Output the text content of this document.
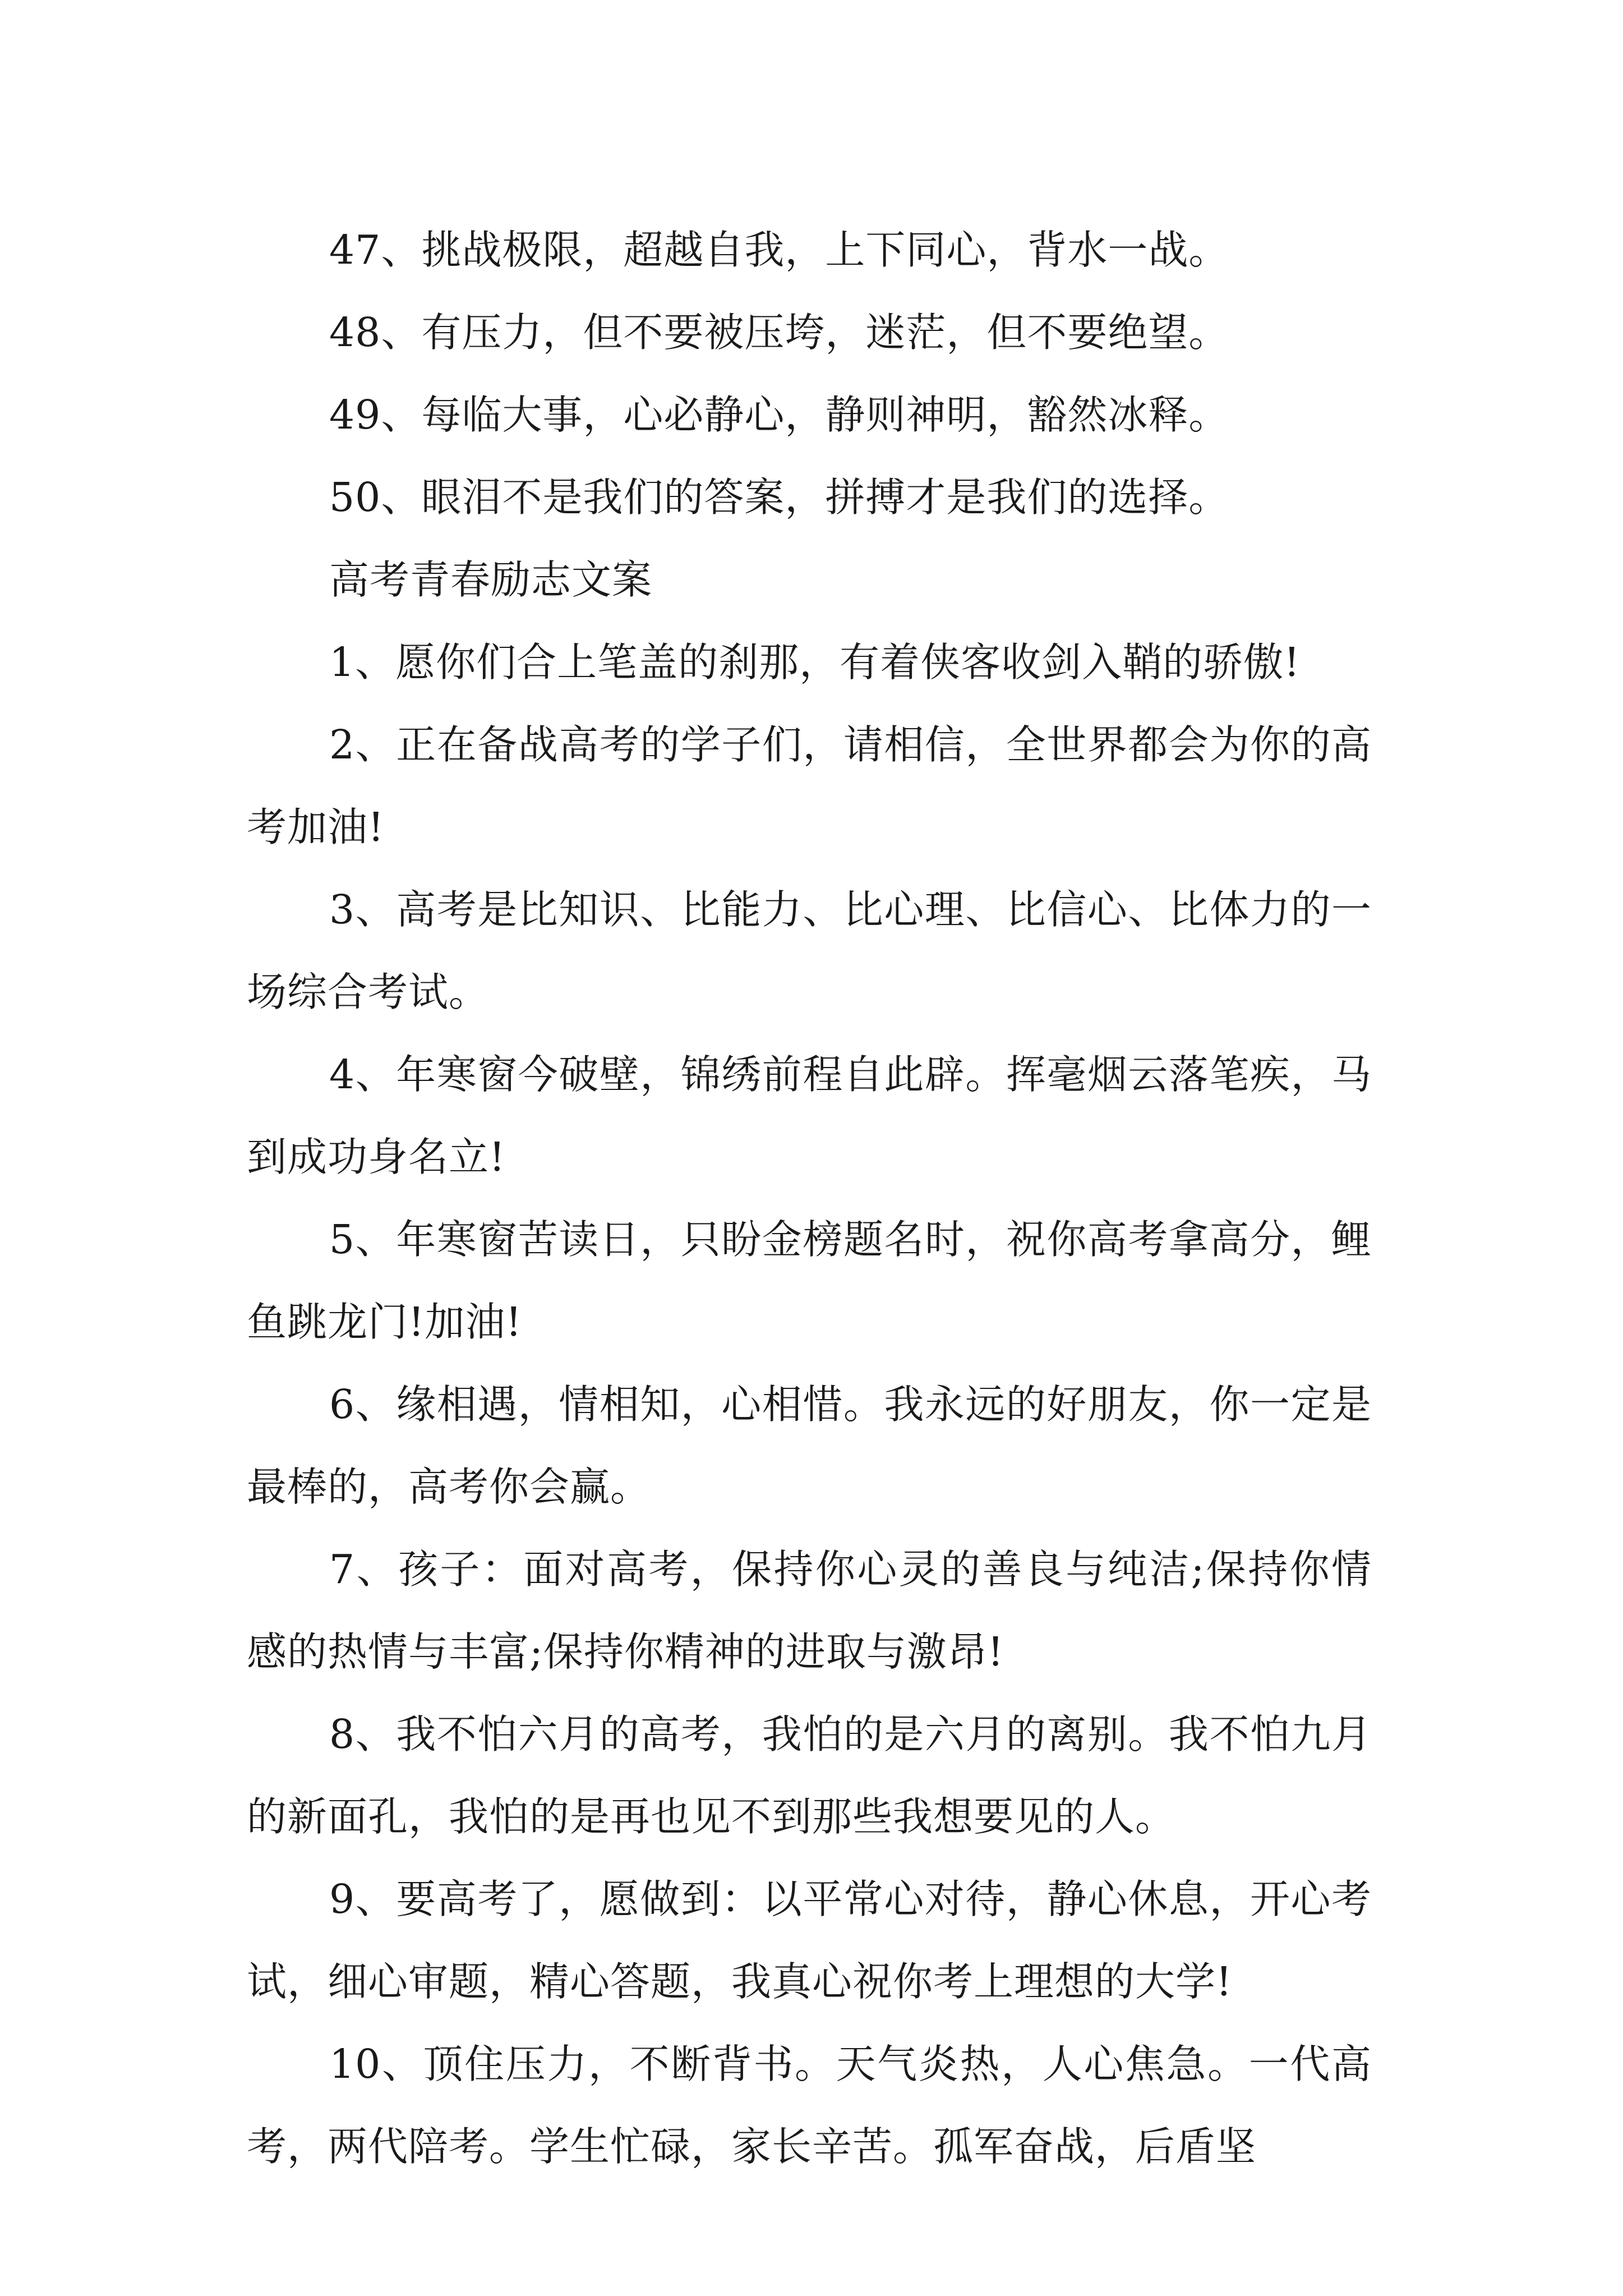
47、挑战极限，超越自我，上下同心，背水一战。

48、有压力，但不要被压垮，迷茫，但不要绝望。

49、每临大事，心必静心，静则神明，豁然冰释。

50、眼泪不是我们的答案，拼搏才是我们的选择。

高考青春励志文案

1、愿你们合上笔盖的刹那，有着侠客收剑入鞘的骄傲!

2、正在备战高考的学子们，请相信，全世界都会为你的高考加油!

3、高考是比知识、比能力、比心理、比信心、比体力的一场综合考试。

4、年寒窗今破壁，锦绣前程自此辟。挥毫烟云落笔疾，马到成功身名立!

5、年寒窗苦读日，只盼金榜题名时，祝你高考拿高分，鲤鱼跳龙门!加油!

6、缘相遇，情相知，心相惜。我永远的好朋友，你一定是最棒的，高考你会赢。

7、孩子：面对高考，保持你心灵的善良与纯洁;保持你情感的热情与丰富;保持你精神的进取与激昂!

8、我不怕六月的高考，我怕的是六月的离别。我不怕九月的新面孔，我怕的是再也见不到那些我想要见的人。

9、要高考了，愿做到：以平常心对待，静心休息，开心考试，细心审题，精心答题，我真心祝你考上理想的大学!

10、顶住压力，不断背书。天气炎热，人心焦急。一代高考，两代陪考。学生忙碌，家长辛苦。孤军奋战，后盾坚
